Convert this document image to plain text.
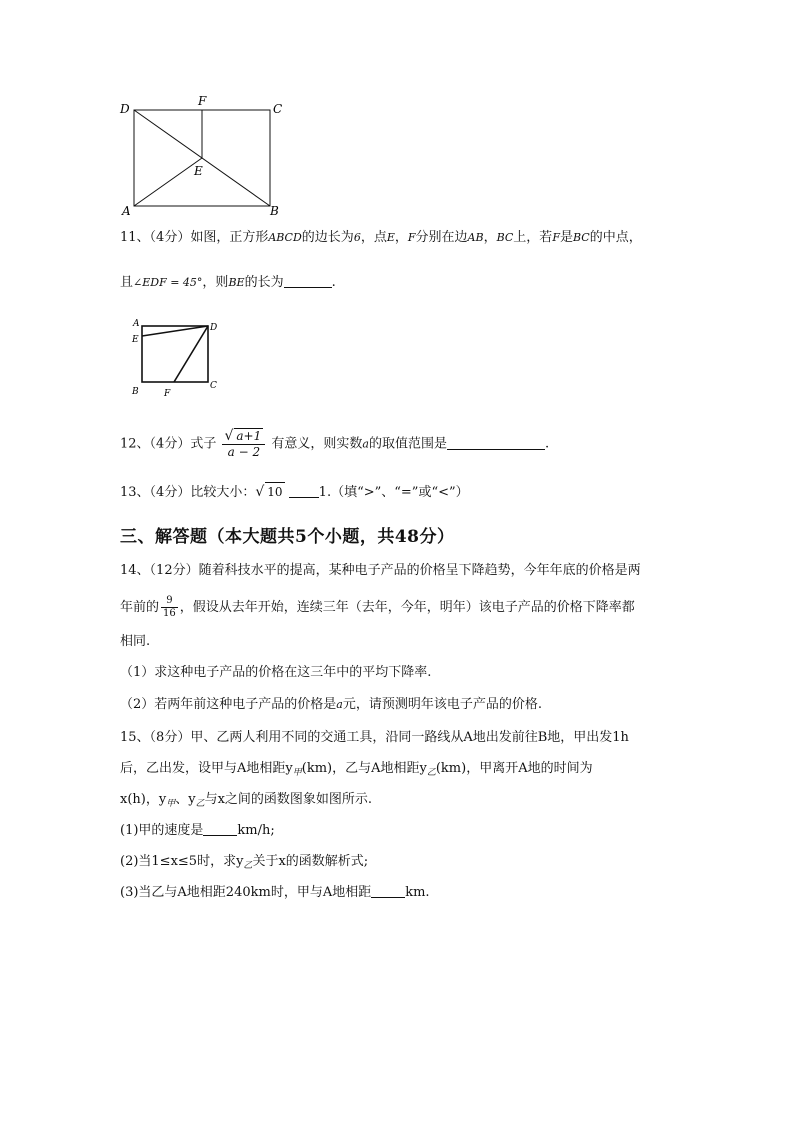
D
F
C
E
A	B
11、（4分）如图，正方形ABCD的边长为6，点E，F分别在边AB，BC上，若F是BC的中点，
且∠EDF = 45°，则BE的长为	.
A	D
E
B	F
C
12、（4分）式子 $\frac{√ a+1}{a - 2}$ 有意义，则实数a的取值范围是	.
13、（4分）比较大小：√ 10	1.（填“>”、“=”或“<”）
三、解答题（本大题共5个小题，共48分）
14、（12分）随着科技水平的提高，某种电子产品的价格呈下降趋势，今年年底的价格是两
年前的 $\frac{9}{16}$ ，假设从去年开始，连续三年（去年，今年，明年）该电子产品的价格下降率都
相同.
（1）求这种电子产品的价格在这三年中的平均下降率.
（2）若两年前这种电子产品的价格是a元，请预测明年该电子产品的价格.
15、（8分）甲、乙两人利用不同的交通工具，沿同一路线从A地出发前往B地，甲出发1h
后，乙出发，设甲与A地相距$y_甲(km)$，乙与A地相距$y_乙(km)$，甲离开A地的时间为
x(h)，$y_甲$、$y_乙$与x之间的函数图象如图所示.
(1)甲的速度是	km/h;
(2)当1≤x≤5时，求$y_乙$关于x的函数解析式;
(3)当乙与A地相距240km时，甲与A地相距	km.
